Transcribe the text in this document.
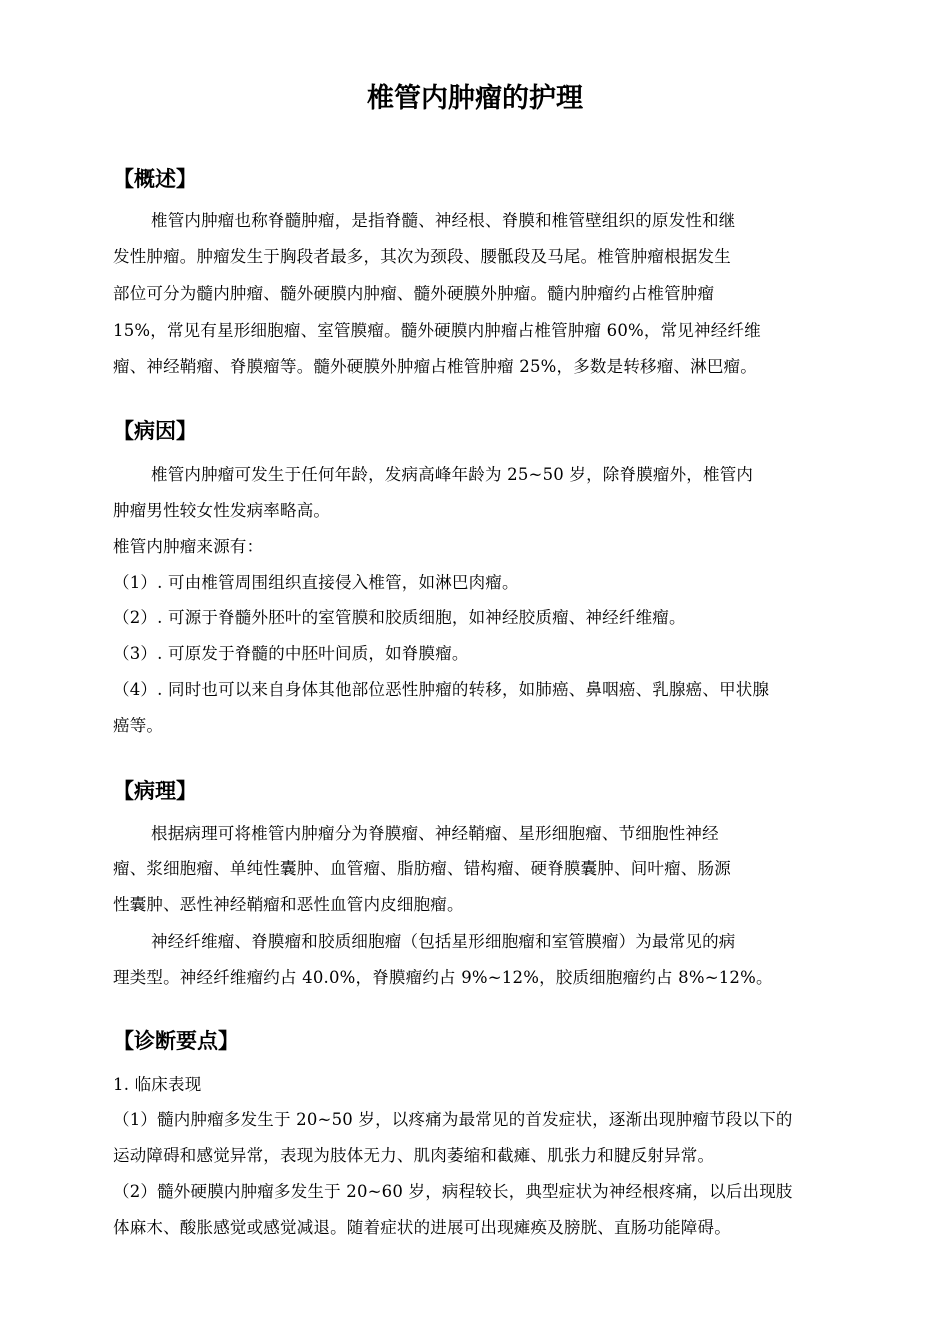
椎管内肿瘤的护理
【概述】

椎管内肿瘤也称脊髓肿瘤，是指脊髓、神经根、脊膜和椎管壁组织的原发性和继

发性肿瘤。肿瘤发生于胸段者最多，其次为颈段、腰骶段及马尾。椎管肿瘤根据发生

部位可分为髓内肿瘤、髓外硬膜内肿瘤、髓外硬膜外肿瘤。髓内肿瘤约占椎管肿瘤

15%，常见有星形细胞瘤、室管膜瘤。髓外硬膜内肿瘤占椎管肿瘤 60%，常见神经纤维

瘤、神经鞘瘤、脊膜瘤等。髓外硬膜外肿瘤占椎管肿瘤 25%，多数是转移瘤、淋巴瘤。

【病因】

椎管内肿瘤可发生于任何年龄，发病高峰年龄为 25~50 岁，除脊膜瘤外，椎管内

肿瘤男性较女性发病率略高。

椎管内肿瘤来源有：

（1）. 可由椎管周围组织直接侵入椎管，如淋巴肉瘤。

（2）. 可源于脊髓外胚叶的室管膜和胶质细胞，如神经胶质瘤、神经纤维瘤。

（3）. 可原发于脊髓的中胚叶间质，如脊膜瘤。

（4）. 同时也可以来自身体其他部位恶性肿瘤的转移，如肺癌、鼻咽癌、乳腺癌、甲状腺

癌等。

【病理】

根据病理可将椎管内肿瘤分为脊膜瘤、神经鞘瘤、星形细胞瘤、节细胞性神经

瘤、浆细胞瘤、单纯性囊肿、血管瘤、脂肪瘤、错构瘤、硬脊膜囊肿、间叶瘤、肠源

性囊肿、恶性神经鞘瘤和恶性血管内皮细胞瘤。

神经纤维瘤、脊膜瘤和胶质细胞瘤（包括星形细胞瘤和室管膜瘤）为最常见的病

理类型。神经纤维瘤约占 40.0%，脊膜瘤约占 9%~12%，胶质细胞瘤约占 8%~12%。

【诊断要点】

1. 临床表现

（1）髓内肿瘤多发生于 20~50 岁，以疼痛为最常见的首发症状，逐渐出现肿瘤节段以下的

运动障碍和感觉异常，表现为肢体无力、肌肉萎缩和截瘫、肌张力和腱反射异常。

（2）髓外硬膜内肿瘤多发生于 20~60 岁，病程较长，典型症状为神经根疼痛，以后出现肢

体麻木、酸胀感觉或感觉减退。随着症状的进展可出现瘫痪及膀胱、直肠功能障碍。
